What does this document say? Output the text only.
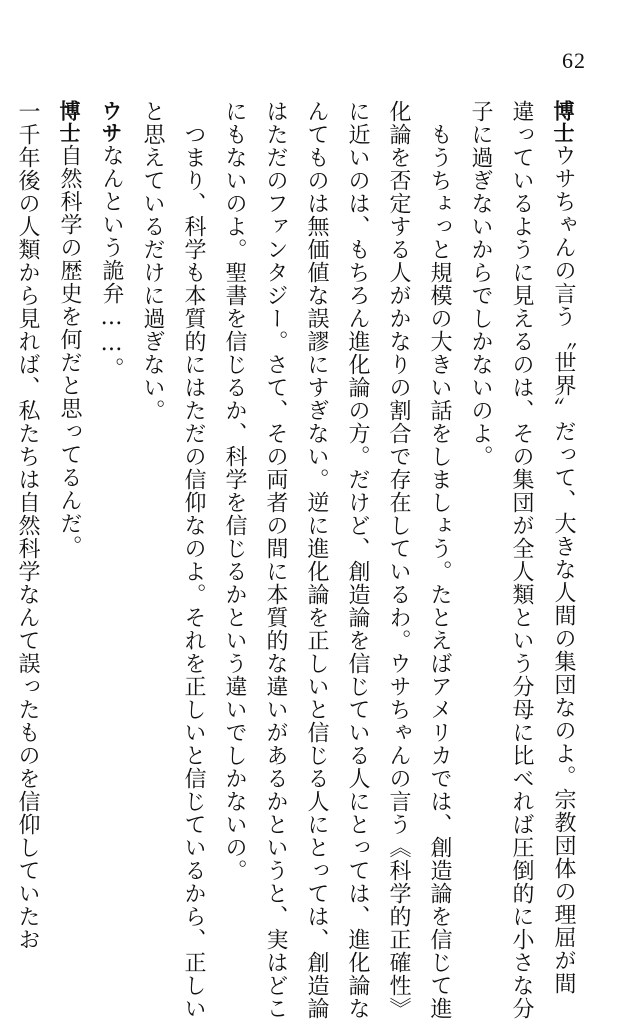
62
博士ウサちゃんの言う〝世界〟だって、大きな人間の集団なのよ。宗教団体の理屈が間
違っているように見えるのは、その集団が全人類という分母に比べれば圧倒的に小さな分
子に過ぎないからでしかないのよ。
　もうちょっと規模の大きい話をしましょう。たとえばアメリカでは、創造論を信じて進
化論を否定する人がかなりの割合で存在しているわ。ウサちゃんの言う《科学的正確性》
に近いのは、もちろん進化論の方。だけど、創造論を信じている人にとっては、進化論な
んてものは無価値な誤謬にすぎない。逆に進化論を正しいと信じる人にとっては、創造論
はただのファンタジー。さて、その両者の間に本質的な違いがあるかというと、実はどこ
にもないのよ。聖書を信じるか、科学を信じるかという違いでしかないの。
　つまり、科学も本質的にはただの信仰なのよ。それを正しいと信じているから、正しい
と思えているだけに過ぎない。
ウサなんという詭弁……。
博士自然科学の歴史を何だと思ってるんだ。
一千年後の人類から見れば、私たちは自然科学なんて誤ったものを信仰していたお
